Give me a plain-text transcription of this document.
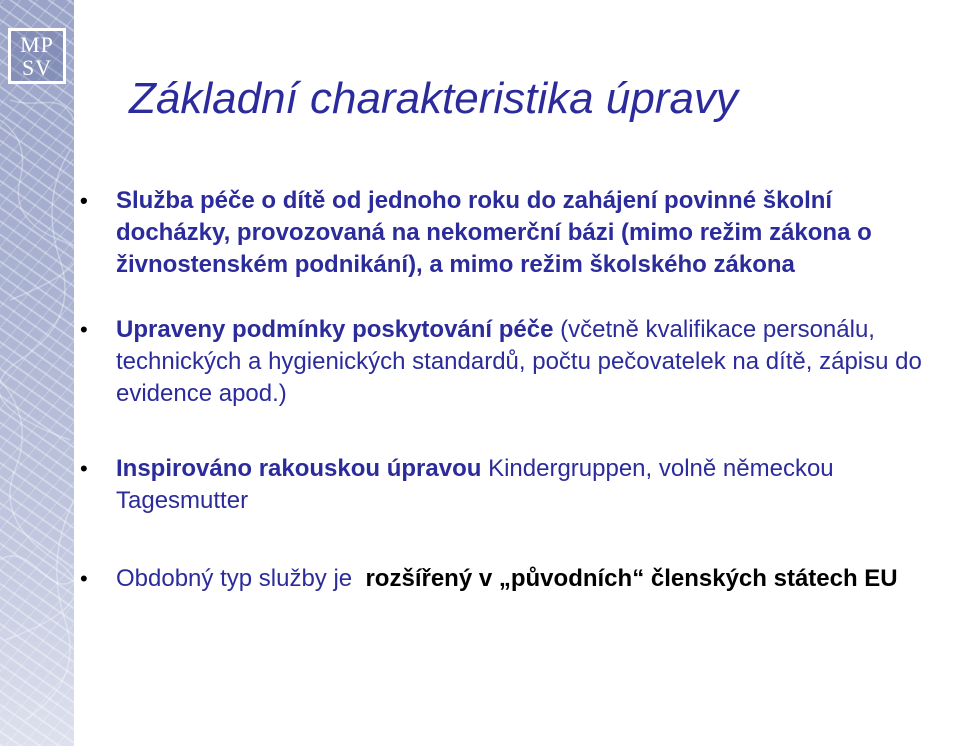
MP
SV
Základní charakteristika úpravy
• Služba péče o dítě od jednoho roku do zahájení povinné školní docházky, provozovaná na nekomerční bázi (mimo režim zákona o živnostenském podnikání), a mimo režim školského zákona
• Upraveny podmínky poskytování péče (včetně kvalifikace personálu, technických a hygienických standardů, počtu pečovatelek na dítě, zápisu do evidence apod.)
• Inspirováno rakouskou úpravou Kindergruppen, volně německou Tagesmutter
• Obdobný typ služby je  rozšířený v „původních“ členských státech EU
